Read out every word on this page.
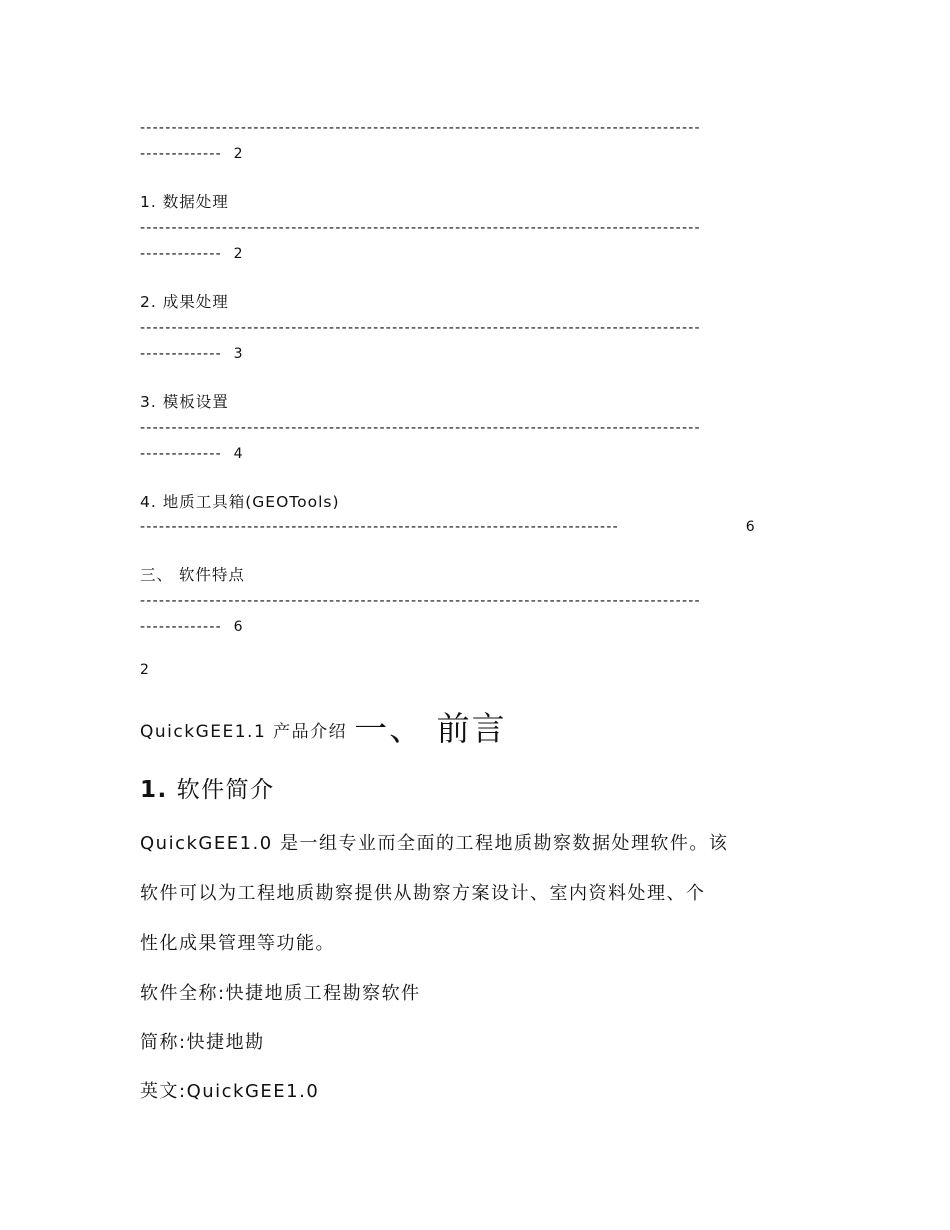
-----------------------------------------------------------------------------------------
------------- 2
1. 数据处理
-----------------------------------------------------------------------------------------
------------- 2
2. 成果处理
-----------------------------------------------------------------------------------------
------------- 3
3. 模板设置
-----------------------------------------------------------------------------------------
------------- 4
4. 地质工具箱(GEOTools)
----------------------------------------------------------------------------	6
三、 软件特点
-----------------------------------------------------------------------------------------
------------- 6
2
QuickGEE1.1 产品介绍 一、 前言
1. 软件简介
QuickGEE1.0 是一组专业而全面的工程地质勘察数据处理软件。该
软件可以为工程地质勘察提供从勘察方案设计、室内资料处理、个
性化成果管理等功能。
软件全称:快捷地质工程勘察软件
简称:快捷地勘
英文:QuickGEE1.0
